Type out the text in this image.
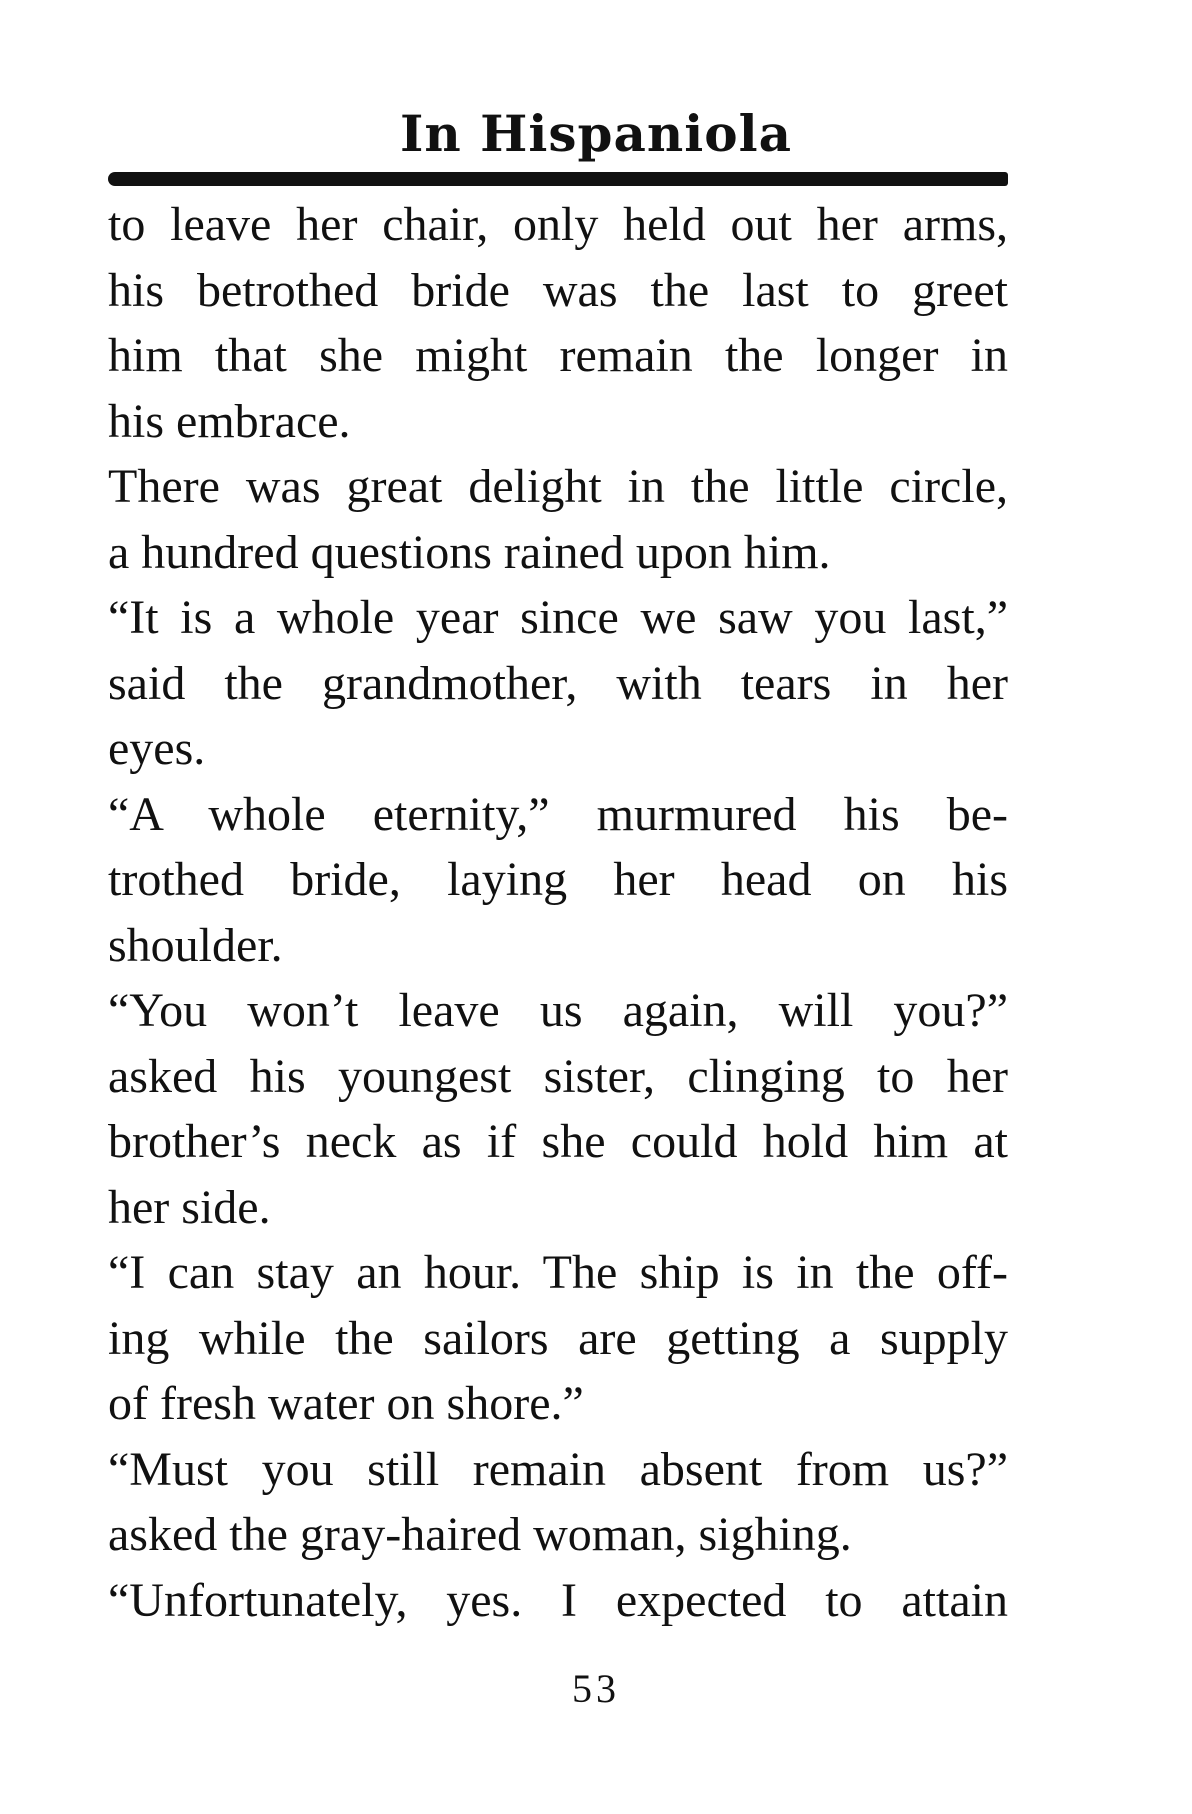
In Hispaniola
to leave her chair, only held out her arms,
his betrothed bride was the last to greet
him that she might remain the longer in
his embrace.
There was great delight in the little circle,
a hundred questions rained upon him.
“It is a whole year since we saw you last,”
said the grandmother, with tears in her
eyes.
“A whole eternity,” murmured his be-
trothed bride, laying her head on his
shoulder.
“You won’t leave us again, will you?”
asked his youngest sister, clinging to her
brother’s neck as if she could hold him at
her side.
“I can stay an hour. The ship is in the off-
ing while the sailors are getting a supply
of fresh water on shore.”
“Must you still remain absent from us?”
asked the gray-haired woman, sighing.
“Unfortunately, yes. I expected to attain
53
